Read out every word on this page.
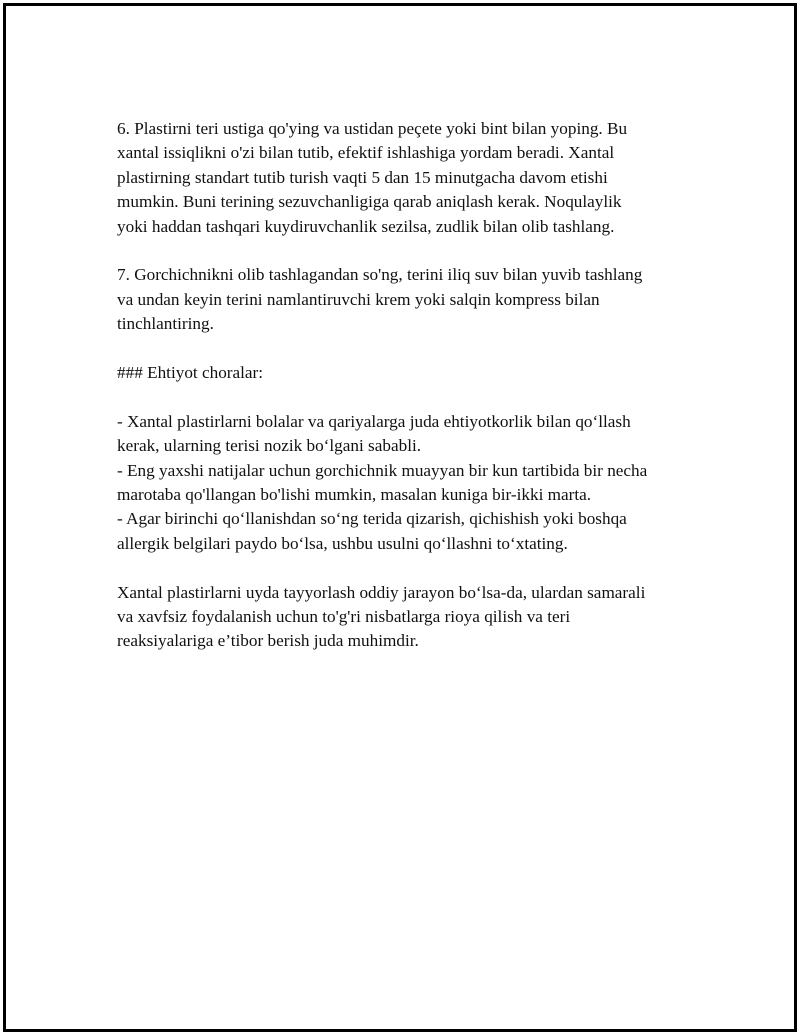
6. Plastirni teri ustiga qo'ying va ustidan peçete yoki bint bilan yoping. Bu
xantal issiqlikni o'zi bilan tutib, efektif ishlashiga yordam beradi. Xantal
plastirning standart tutib turish vaqti 5 dan 15 minutgacha davom etishi
mumkin. Buni terining sezuvchanligiga qarab aniqlash kerak. Noqulaylik
yoki haddan tashqari kuydiruvchanlik sezilsa, zudlik bilan olib tashlang.
7. Gorchichnikni olib tashlagandan so'ng, terini iliq suv bilan yuvib tashlang
va undan keyin terini namlantiruvchi krem yoki salqin kompress bilan
tinchlantiring.
### Ehtiyot choralar:
- Xantal plastirlarni bolalar va qariyalarga juda ehtiyotkorlik bilan qo‘llash
kerak, ularning terisi nozik bo‘lgani sababli.
- Eng yaxshi natijalar uchun gorchichnik muayyan bir kun tartibida bir necha
marotaba qo'llangan bo'lishi mumkin, masalan kuniga bir-ikki marta.
- Agar birinchi qo‘llanishdan so‘ng terida qizarish, qichishish yoki boshqa
allergik belgilari paydo bo‘lsa, ushbu usulni qo‘llashni to‘xtating.
Xantal plastirlarni uyda tayyorlash oddiy jarayon bo‘lsa-da, ulardan samarali
va xavfsiz foydalanish uchun to'g'ri nisbatlarga rioya qilish va teri
reaksiyalariga e’tibor berish juda muhimdir.
